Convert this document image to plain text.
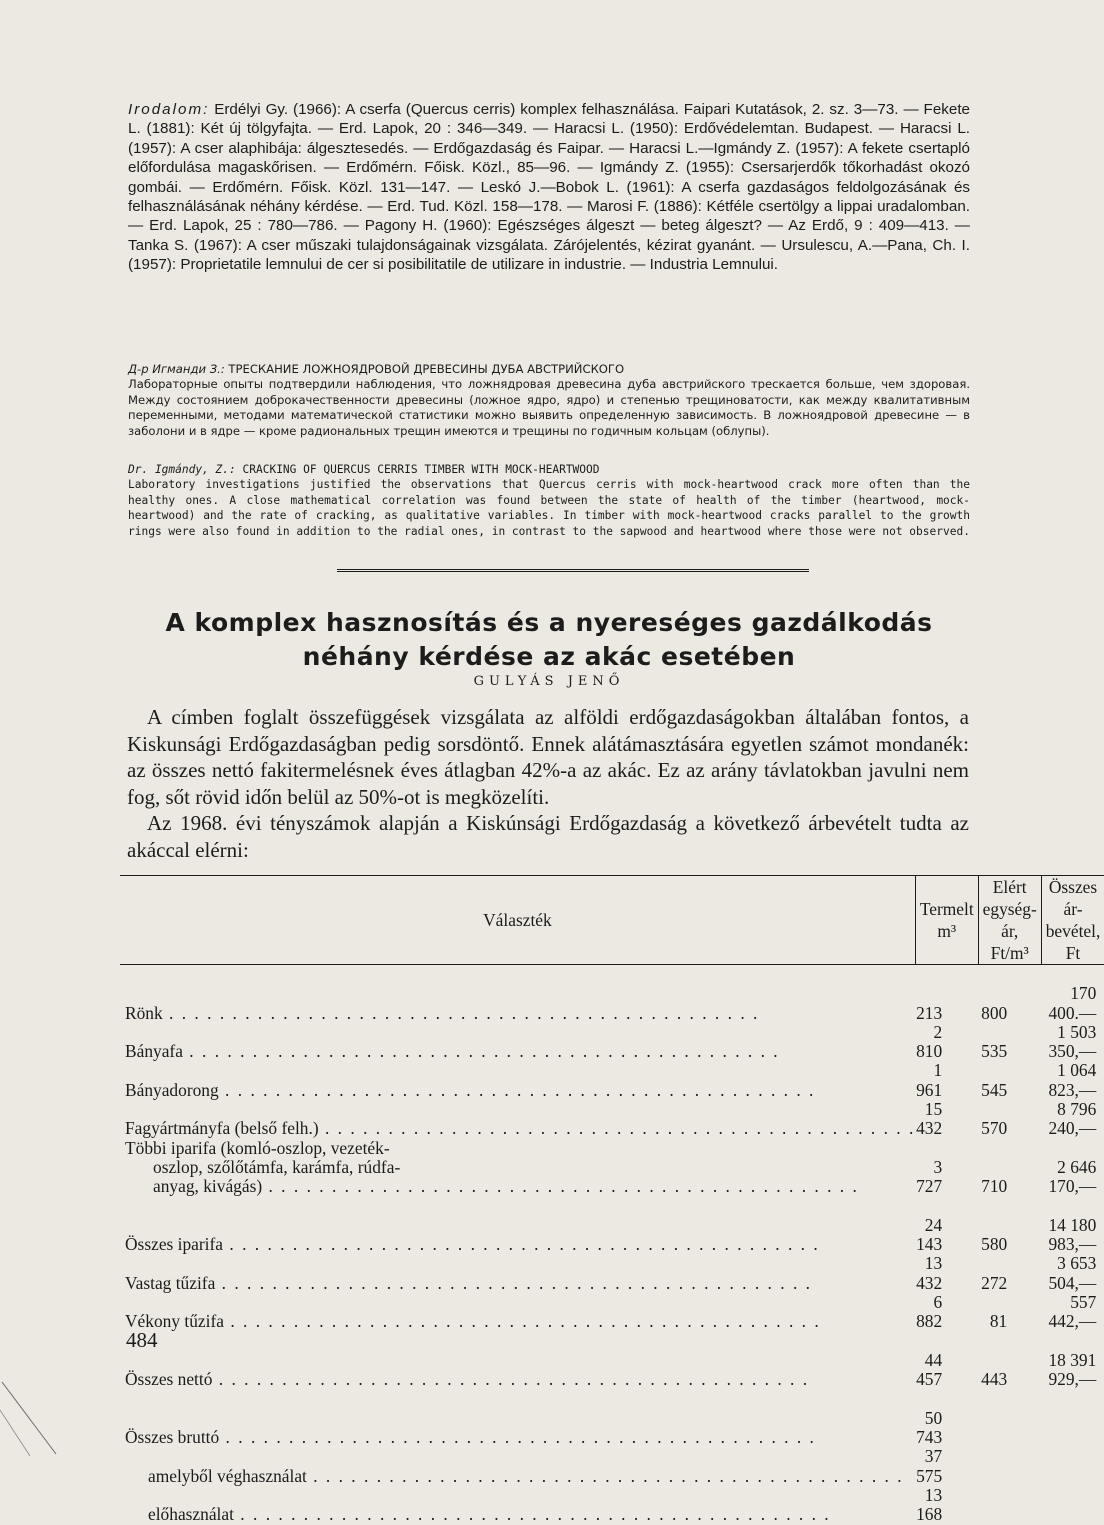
Irodalom: Erdélyi Gy. (1966): A cserfa (Quercus cerris) komplex felhasználása. Faipari Kutatások, 2. sz. 3—73. — Fekete L. (1881): Két új tölgyfajta. — Erd. Lapok, 20 : 346—349. — Haracsi L. (1950): Erdővédelemtan. Budapest. — Haracsi L. (1957): A cser alaphibája: álgesztesedés. — Erdőgazdaság és Faipar. — Haracsi L.—Igmándy Z. (1957): A fekete csertapló előfordulása magaskőrisen. — Erdőmérn. Főisk. Közl., 85—96. — Igmándy Z. (1955): Csersarjerdők tőkorhadást okozó gombái. — Erdőmérn. Főisk. Közl. 131—147. — Leskó J.—Bobok L. (1961): A cserfa gazdaságos feldolgozásának és felhasználásának néhány kérdése. — Erd. Tud. Közl. 158—178. — Marosi F. (1886): Kétféle csertölgy a lippai uradalomban. — Erd. Lapok, 25 : 780—786. — Pagony H. (1960): Egészséges álgeszt — beteg álgeszt? — Az Erdő, 9 : 409—413. — Tanka S. (1967): A cser műszaki tulajdonságainak vizsgálata. Zárójelentés, kézirat gyanánt. — Ursulescu, A.—Pana, Ch. I. (1957): Proprietatile lemnului de cer si posibilitatile de utilizare in industrie. — Industria Lemnului.
Д-р Игманди З.: ТРЕСКАНИЕ ЛОЖНОЯДРОВОЙ ДРЕВЕСИНЫ ДУБА АВСТРИЙСКОГО
Лабораторные опыты подтвердили наблюдения, что ложнядровая древесина дуба австрийского трескается больше, чем здоровая. Между состоянием доброкачественности древесины (ложное ядро, ядро) и степенью трещиноватости, как между квалитативным переменными, методами математической статистики можно выявить определенную зависимость. В ложноядровой древесине — в заболони и в ядре — кроме радиональных трещин имеются и трещины по годичным кольцам (облупы).
Dr. Igmándy, Z.: CRACKING OF QUERCUS CERRIS TIMBER WITH MOCK-HEARTWOOD
Laboratory investigations justified the observations that Quercus cerris with mock-heartwood crack more often than the healthy ones. A close mathematical correlation was found between the state of health of the timber (heartwood, mock-heartwood) and the rate of cracking, as qualitative variables. In timber with mock-heartwood cracks parallel to the growth rings were also found in addition to the radial ones, in contrast to the sapwood and heartwood where those were not observed.
A komplex hasznosítás és a nyereséges gazdálkodás
néhány kérdése az akác esetében
GULYÁS JENŐ

A címben foglalt összefüggések vizsgálata az alföldi erdőgazdaságokban általában fontos, a Kiskunsági Erdőgazdaságban pedig sorsdöntő. Ennek alátámasztására egyetlen számot mondanék: az összes nettó fakitermelésnek éves átlagban 42%-a az akác. Ez az arány távlatokban javulni nem fog, sőt rövid időn belül az 50%-ot is megközelíti.

Az 1968. évi tényszámok alapján a Kiskúnsági Erdőgazdaság a következő árbevételt tudta az akáccal elérni:

Választék	Termelt m³	Elért egység-ár, Ft/m³	Összes ár-bevétel, Ft

Rönk . . .	213	800	170 400.—

Bányafa . . .	2 810	535	1 503 350,—

Bányadorong . . .	1 961	545	1 064 823,—

Fagyártmányfa (belső felh.) . . .	15 432	570	8 796 240,—

Többi iparifa (komló-oszlop, vezeték-
oszlop, szőlőtámfa, karámfa, rúdfa-
anyag, kivágás) . . .	3 727	710	2 646 170,—

Összes iparifa . . .	24 143	580	14 180 983,—

Vastag tűzifa . . .	13 432	272	3 653 504,—

Vékony tűzifa . . .	6 882	81	557 442,—

Összes nettó . . .	44 457	443	18 391 929,—

Összes bruttó . . .	50 743		

amelyből véghasználat . . .	37 575		

előhasználat . . .	13 168		
484
